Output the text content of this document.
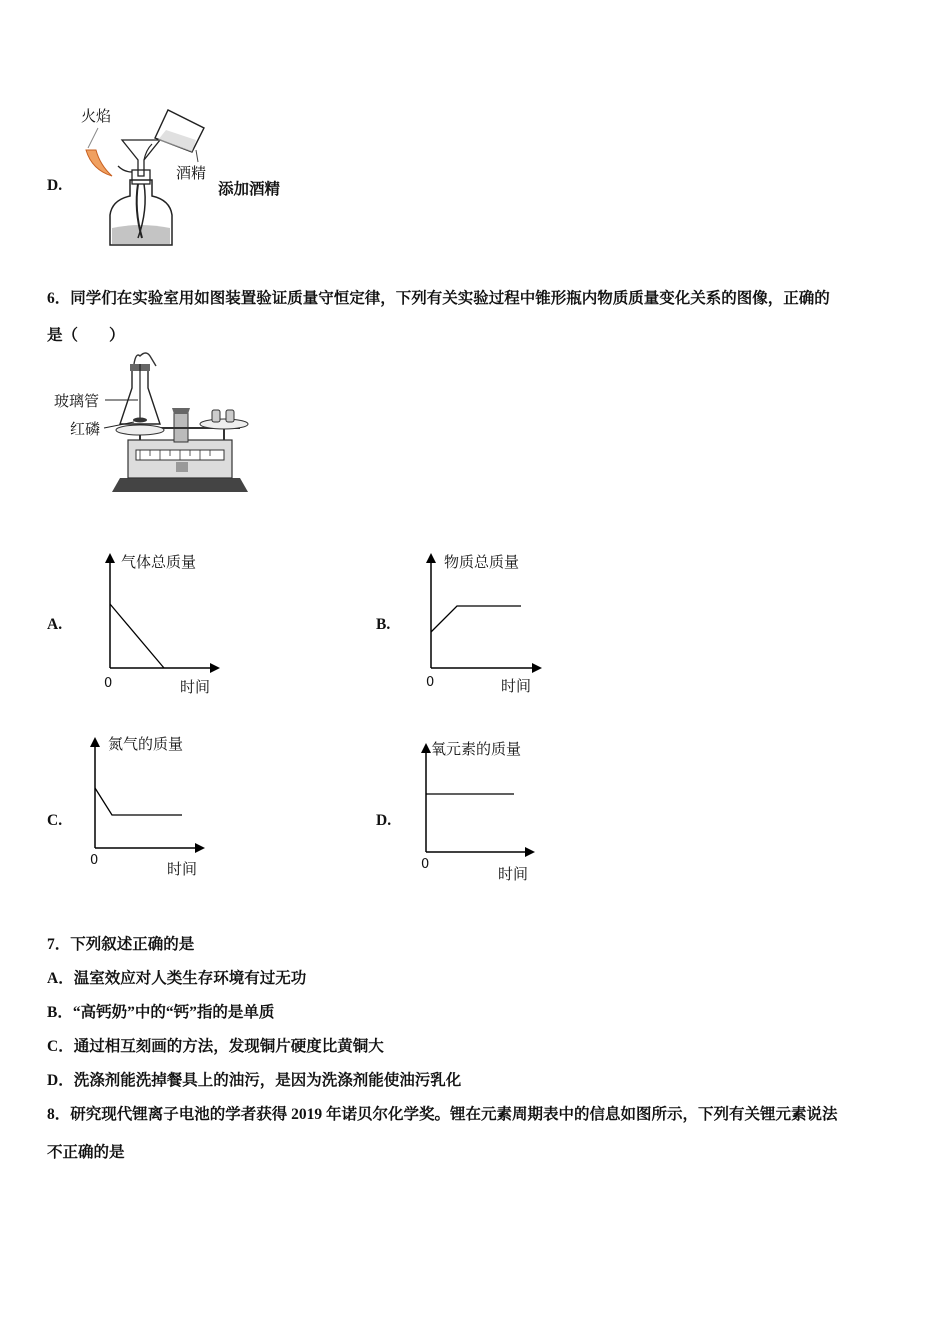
D.
火焰
酒精
添加酒精
6．同学们在实验室用如图装置验证质量守恒定律，下列有关实验过程中锥形瓶内物质质量变化关系的图像，正确的
是（　　）
玻璃管
红磷
A.	B.
C.	D.
气体总质量
时间
0
物质总质量
时间
0
氮气的质量
时间
0
氧元素的质量
时间
0
7．下列叙述正确的是
A．温室效应对人类生存环境有过无功
B．“高钙奶”中的“钙”指的是单质
C．通过相互刻画的方法，发现铜片硬度比黄铜大
D．洗涤剂能洗掉餐具上的油污，是因为洗涤剂能使油污乳化
8．研究现代锂离子电池的学者获得 2019 年诺贝尔化学奖。锂在元素周期表中的信息如图所示，下列有关锂元素说法
不正确的是
